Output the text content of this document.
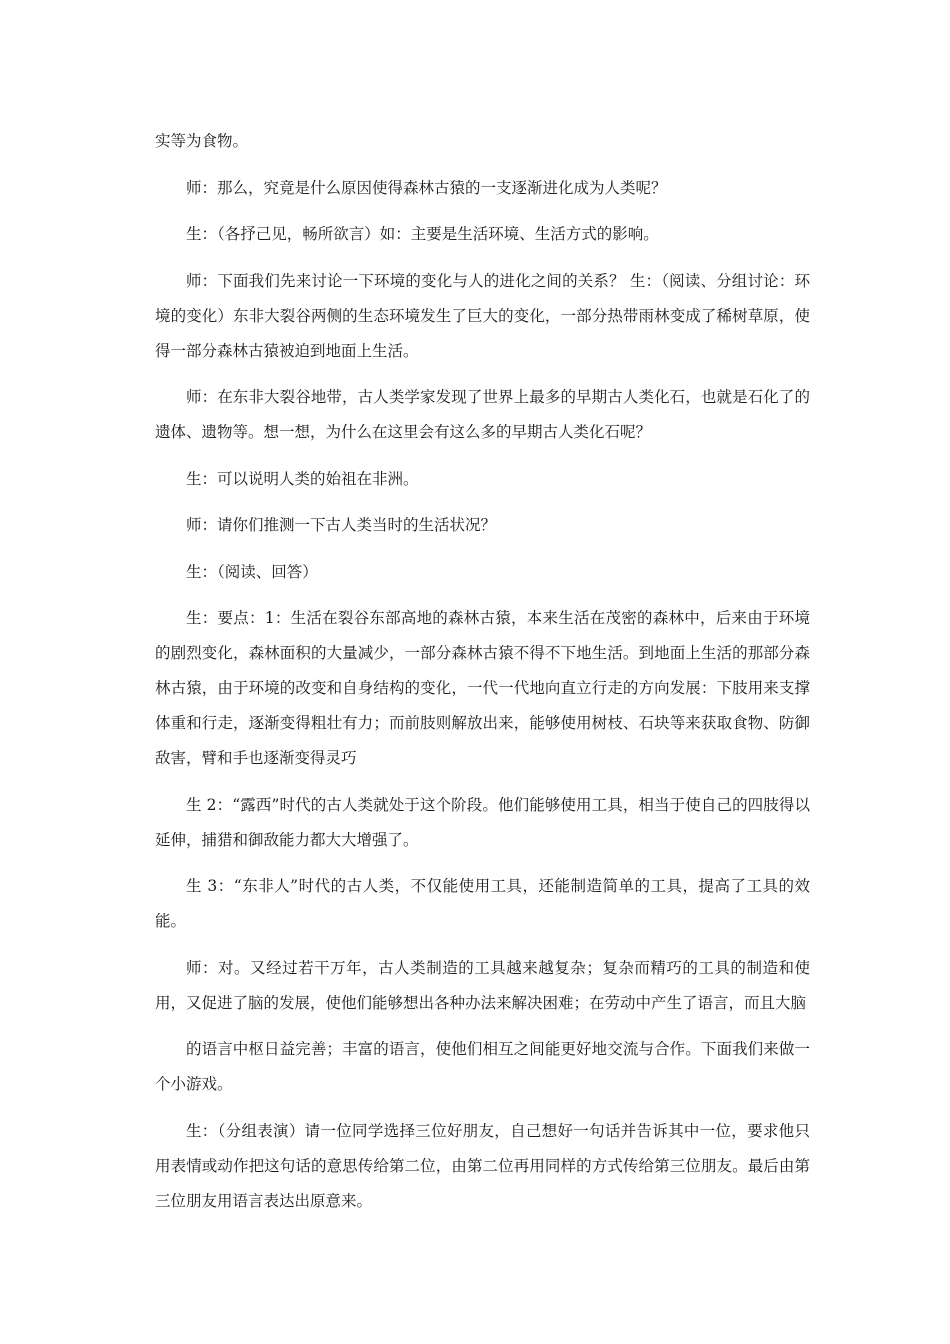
实等为食物。

师：那么，究竟是什么原因使得森林古猿的一支逐渐进化成为人类呢？

生：（各抒己见，畅所欲言）如：主要是生活环境、生活方式的影响。

师：下面我们先来讨论一下环境的变化与人的进化之间的关系？ 生：（阅读、分组讨论：环境的变化）东非大裂谷两侧的生态环境发生了巨大的变化，一部分热带雨林变成了稀树草原，使得一部分森林古猿被迫到地面上生活。

师：在东非大裂谷地带，古人类学家发现了世界上最多的早期古人类化石，也就是石化了的遗体、遗物等。想一想，为什么在这里会有这么多的早期古人类化石呢？

生：可以说明人类的始祖在非洲。

师：请你们推测一下古人类当时的生活状况？

生：（阅读、回答）

生：要点：1：生活在裂谷东部高地的森林古猿，本来生活在茂密的森林中，后来由于环境的剧烈变化，森林面积的大量减少，一部分森林古猿不得不下地生活。到地面上生活的那部分森林古猿，由于环境的改变和自身结构的变化，一代一代地向直立行走的方向发展：下肢用来支撑体重和行走，逐渐变得粗壮有力；而前肢则解放出来，能够使用树枝、石块等来获取食物、防御敌害，臂和手也逐渐变得灵巧

生 2：“露西”时代的古人类就处于这个阶段。他们能够使用工具，相当于使自己的四肢得以延伸，捕猎和御敌能力都大大增强了。

生 3：“东非人”时代的古人类，不仅能使用工具，还能制造简单的工具，提高了工具的效能。

师：对。又经过若干万年，古人类制造的工具越来越复杂；复杂而精巧的工具的制造和使用，又促进了脑的发展，使他们能够想出各种办法来解决困难；在劳动中产生了语言，而且大脑

的语言中枢日益完善；丰富的语言，使他们相互之间能更好地交流与合作。下面我们来做一个小游戏。

生：（分组表演）请一位同学选择三位好朋友，自己想好一句话并告诉其中一位，要求他只用表情或动作把这句话的意思传给第二位，由第二位再用同样的方式传给第三位朋友。最后由第三位朋友用语言表达出原意来。
